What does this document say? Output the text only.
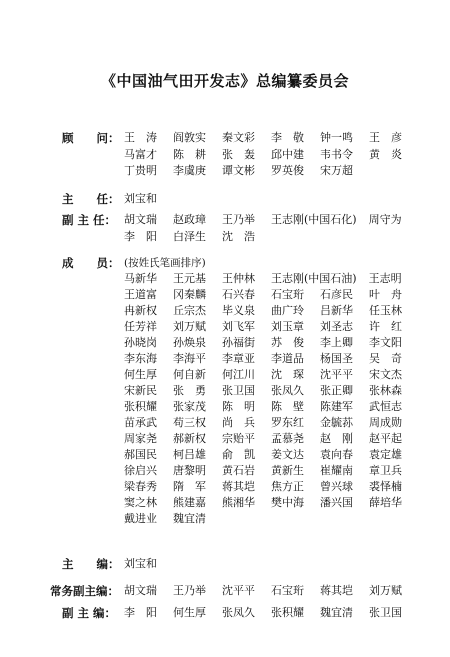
《中国油气田开发志》总编纂委员会
顾　　问： 王　涛 阎敦实 秦文彩 李　敬 钟一鸣 王　彦
马富才 陈　耕 张　轰 邱中建 韦书令 黄　炎
丁贵明 李虞庚 谭文彬 罗英俊 宋万超
主　　任： 刘宝和
副 主 任： 胡文瑞 赵政璋 王乃举 王志刚(中国石化) 周守为
李　阳 白泽生 沈　浩
成　　员： (按姓氏笔画排序)
马新华 王元基 王仲林 王志刚(中国石油) 王志明
王道富 冈秦麟 石兴春 石宝珩 石彦民 叶　舟
冉新权 丘宗杰 毕义泉 曲广玲 吕新华 任玉林
任芳祥 刘万赋 刘飞军 刘玉章 刘圣志 许　红
孙晓岗 孙焕泉 孙福街 苏　俊 李上卿 李文阳
李东海 李海平 李章亚 李道品 杨国圣 吴　奇
何生厚 何自新 何江川 沈　琛 沈平平 宋文杰
宋新民 张　勇 张卫国 张凤久 张正卿 张林森
张积耀 张家茂 陈　明 陈　壁 陈建军 武恒志
苗承武 苟三权 尚　兵 罗东红 金毓荪 周成勋
周家尧 郝新权 宗贻平 孟慕尧 赵　刚 赵平起
郝国民 柯吕雄 俞　凯 姜文达 袁向春 袁定雄
徐启兴 唐黎明 黄石岩 黄新生 崔耀南 章卫兵
梁春秀 隋　军 蒋其垲 焦方正 曾兴球 裘怿楠
窦之林 熊建嘉 熊湘华 樊中海 潘兴国 薛培华
戴进业 魏宜清
主　　编： 刘宝和
常务副主编： 胡文瑞 王乃举 沈平平 石宝珩 蒋其垲 刘万赋
副 主 编： 李　阳 何生厚 张凤久 张积耀 魏宜清 张卫国
